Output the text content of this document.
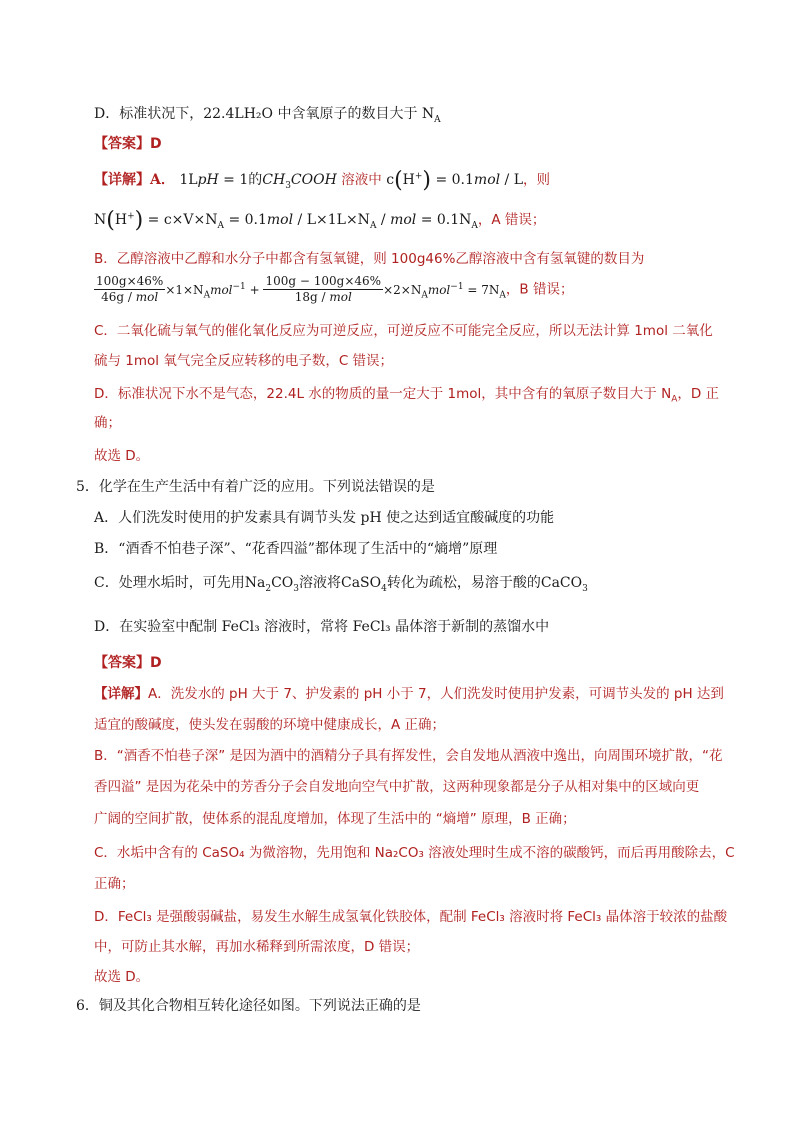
D．标准状况下，22.4LH₂O 中含氧原子的数目大于 $N_A$
【答案】D
【详解】A． 1LpH = 1的$CH_3COOH$ 溶液中 c(H+) = 0.1mol / L，则
$N(H^+) = c\times V\times N_A = 0.1mol / L\times 1L\times N_A$ / mol = $0.1N_A$，A 错误；
B．乙醇溶液中乙醇和水分子中都含有氢氧键，则 100g46%乙醇溶液中含有氢氧键的数目为
$\frac{100g\times 46\%}{\text{46g / mol}} \times 1\times N_Amol^{-1} + \frac{100g - 100g\times 46\%}{\text{18g / mol}} \times 2\times N_Amol^{-1} = 7N_A$，B 错误；
C．二氧化硫与氧气的催化氧化反应为可逆反应，可逆反应不可能完全反应，所以无法计算 1mol 二氧化
硫与 1mol 氧气完全反应转移的电子数，C 错误；
D．标准状况下水不是气态，22.4L 水的物质的量一定大于 1mol，其中含有的氧原子数目大于 $N_A$，D 正
确；
故选 D。
5．化学在生产生活中有着广泛的应用。下列说法错误的是
A．人们洗发时使用的护发素具有调节头发 pH 使之达到适宜酸碱度的功能
B．“酒香不怕巷子深”、“花香四溢”都体现了生活中的“熵增”原理
C．处理水垢时，可先用$Na_2CO_3$溶液将CaSO$_4$转化为疏松，易溶于酸的CaCO$_3$
D．在实验室中配制 FeCl₃ 溶液时，常将 FeCl₃ 晶体溶于新制的蒸馏水中
【答案】D
【详解】A．洗发水的 pH 大于 7、护发素的 pH 小于 7，人们洗发时使用护发素，可调节头发的 pH 达到
适宜的酸碱度，使头发在弱酸的环境中健康成长，A 正确；
B．“酒香不怕巷子深” 是因为酒中的酒精分子具有挥发性，会自发地从酒液中逸出，向周围环境扩散，“花
香四溢” 是因为花朵中的芳香分子会自发地向空气中扩散，这两种现象都是分子从相对集中的区域向更
广阔的空间扩散，使体系的混乱度增加，体现了生活中的 “熵增” 原理，B 正确；
C．水垢中含有的 CaSO₄ 为微溶物，先用饱和 Na₂CO₃ 溶液处理时生成不溶的碳酸钙，而后再用酸除去，C
正确；
D．FeCl₃ 是强酸弱碱盐，易发生水解生成氢氧化铁胶体，配制 FeCl₃ 溶液时将 FeCl₃ 晶体溶于较浓的盐酸
中，可防止其水解，再加水稀释到所需浓度，D 错误；
故选 D。
6．铜及其化合物相互转化途径如图。下列说法正确的是
